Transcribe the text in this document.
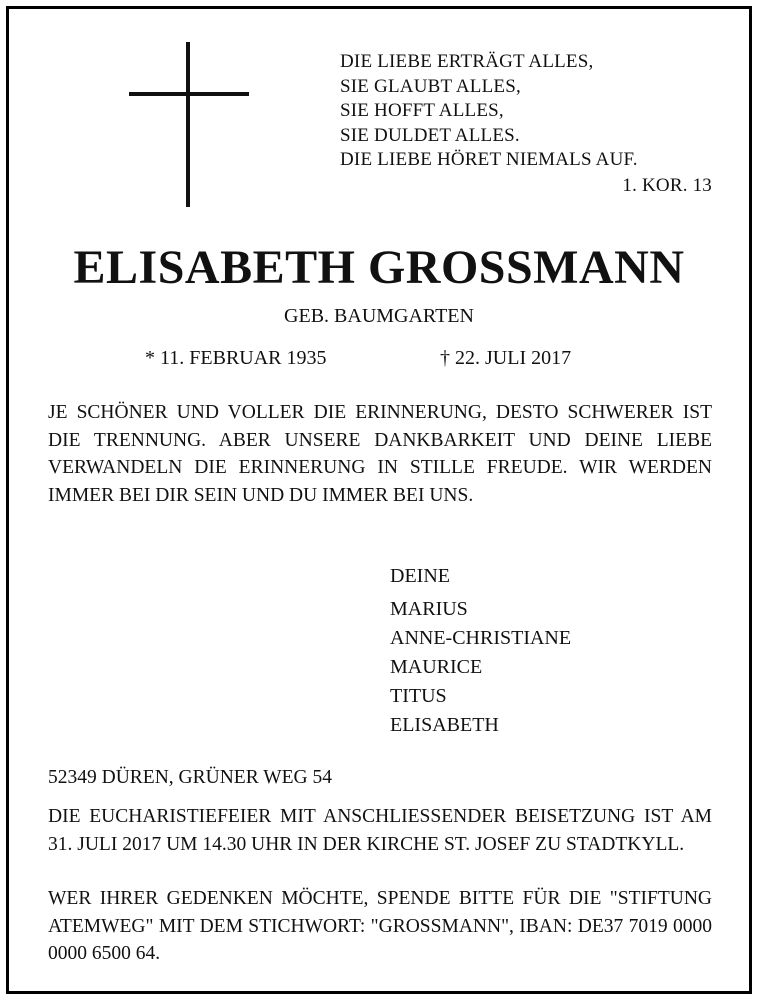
DIE LIEBE ERTRÄGT ALLES,
SIE GLAUBT ALLES,
SIE HOFFT ALLES,
SIE DULDET ALLES.
DIE LIEBE HÖRET NIEMALS AUF.
1. KOR. 13
ELISABETH GROSSMANN
GEB. BAUMGARTEN
* 11. FEBRUAR 1935	† 22. JULI 2017
JE SCHÖNER UND VOLLER DIE ERINNERUNG, DESTO SCHWERER IST DIE TRENNUNG. ABER UNSERE DANKBARKEIT UND DEINE LIEBE VERWANDELN DIE ERINNERUNG IN STILLE FREUDE. WIR WERDEN IMMER BEI DIR SEIN UND DU IMMER BEI UNS.
DEINE
MARIUS
ANNE-CHRISTIANE
MAURICE
TITUS
ELISABETH
52349 DÜREN, GRÜNER WEG 54
DIE EUCHARISTIEFEIER MIT ANSCHLIESSENDER BEISETZUNG IST AM 31. JULI 2017 UM 14.30 UHR IN DER KIRCHE ST. JOSEF ZU STADTKYLL.
WER IHRER GEDENKEN MÖCHTE, SPENDE BITTE FÜR DIE "STIFTUNG ATEMWEG" MIT DEM STICHWORT: "GROSSMANN", IBAN: DE37 7019 0000 0000 6500 64.
